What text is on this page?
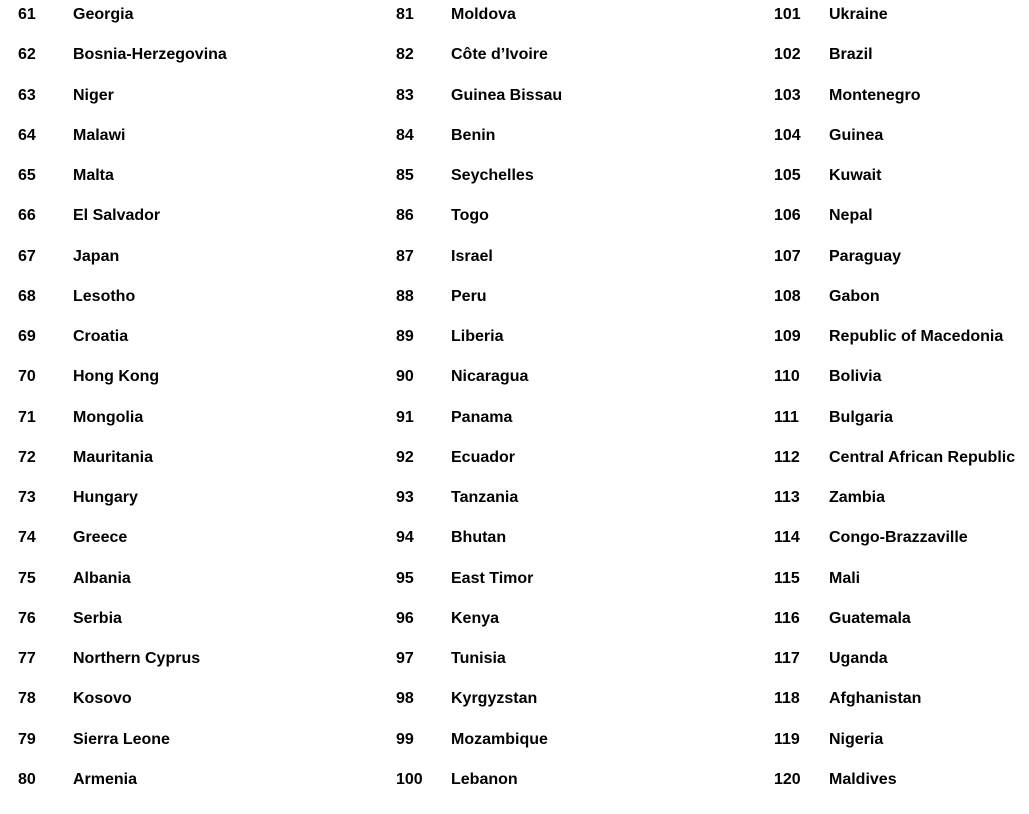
61 Georgia
62 Bosnia-Herzegovina
63 Niger
64 Malawi
65 Malta
66 El Salvador
67 Japan
68 Lesotho
69 Croatia
70 Hong Kong
71 Mongolia
72 Mauritania
73 Hungary
74 Greece
75 Albania
76 Serbia
77 Northern Cyprus
78 Kosovo
79 Sierra Leone
80 Armenia
81 Moldova
82 Côte d’Ivoire
83 Guinea Bissau
84 Benin
85 Seychelles
86 Togo
87 Israel
88 Peru
89 Liberia
90 Nicaragua
91 Panama
92 Ecuador
93 Tanzania
94 Bhutan
95 East Timor
96 Kenya
97 Tunisia
98 Kyrgyzstan
99 Mozambique
100 Lebanon
101 Ukraine
102 Brazil
103 Montenegro
104 Guinea
105 Kuwait
106 Nepal
107 Paraguay
108 Gabon
109 Republic of Macedonia
110 Bolivia
111 Bulgaria
112 Central African Republic
113 Zambia
114 Congo-Brazzaville
115 Mali
116 Guatemala
117 Uganda
118 Afghanistan
119 Nigeria
120 Maldives
